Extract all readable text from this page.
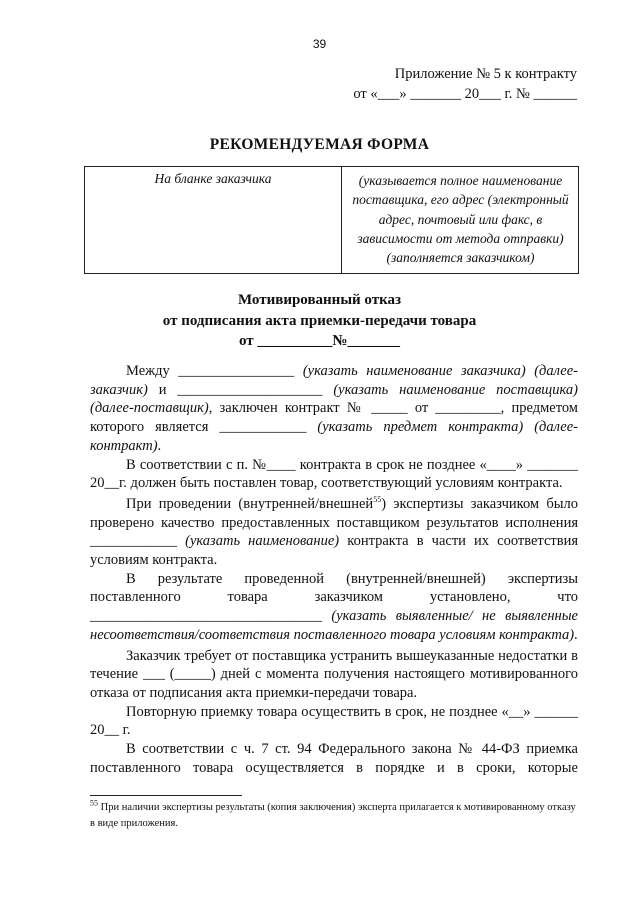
39
Приложение № 5 к контракту
от «___» _______ 20___ г. № ______
РЕКОМЕНДУЕМАЯ ФОРМА
На бланке заказчика	(указывается полное наименование поставщика, его адрес (электронный адрес, почтовый или факс, в зависимости от метода отправки) (заполняется заказчиком)
Мотивированный отказ
от подписания акта приемки-передачи товара
от __________№_______

Между ________________ (указать наименование заказчика) (далее-заказчик) и ____________________ (указать наименование поставщика) (далее-поставщик), заключен контракт № _____ от _________, предметом которого является ____________ (указать предмет контракта) (далее-контракт).

В соответствии с п. №____ контракта в срок не позднее «____» _______ 20__г. должен быть поставлен товар, соответствующий условиям контракта.

При проведении (внутренней/внешней$^{55}$) экспертизы заказчиком было проверено качество предоставленных поставщиком результатов исполнения ____________ (указать наименование) контракта в части их соответствия условиям контракта.

В результате проведенной (внутренней/внешней) экспертизы поставленного товара заказчиком установлено, что ________________________________ (указать выявленные/ не выявленные несоответствия/соответствия поставленного товара условиям контракта).

Заказчик требует от поставщика устранить вышеуказанные недостатки в течение ___ (_____) дней с момента получения настоящего мотивированного отказа от подписания акта приемки-передачи товара.

Повторную приемку товара осуществить в срок, не позднее «__» ______ 20__ г.

В соответствии с ч. 7 ст. 94 Федерального закона № 44-ФЗ приемка поставленного товара осуществляется в порядке и в сроки, которые

$^{55}$ При наличии экспертизы результаты (копия заключения) эксперта прилагается к мотивированному отказу в виде приложения.
